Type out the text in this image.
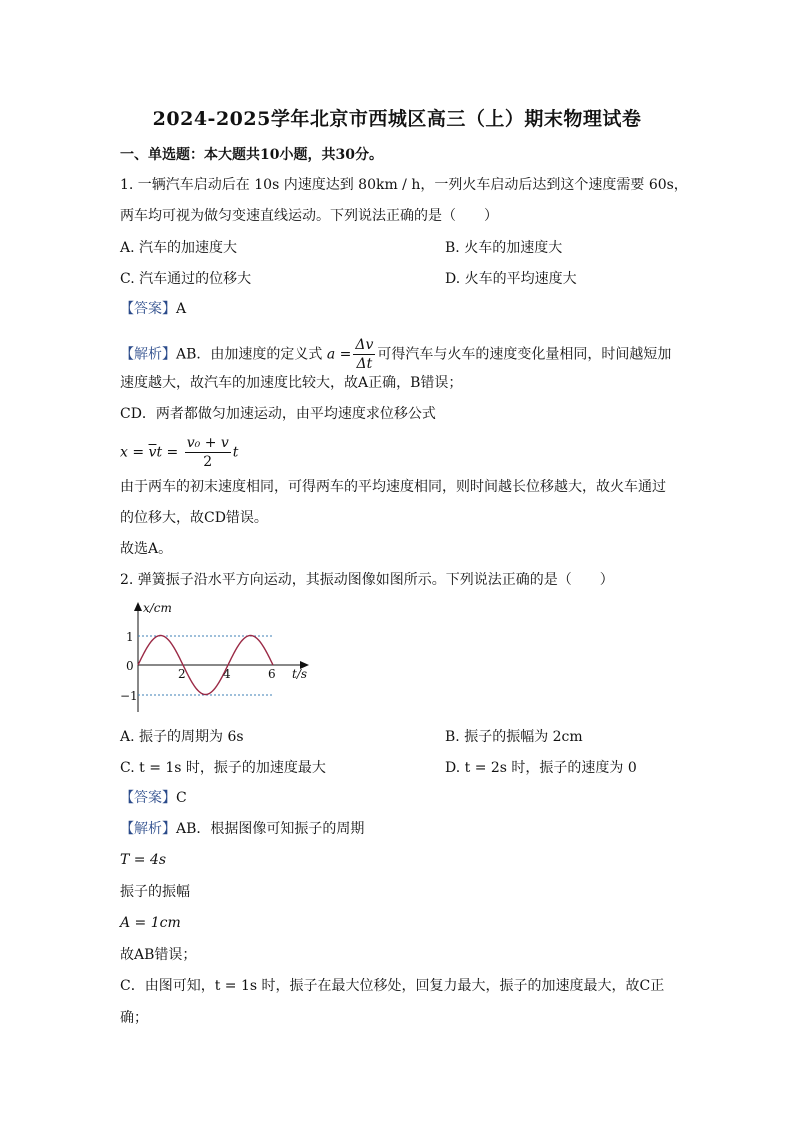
2024-2025学年北京市西城区高三（上）期末物理试卷
一、单选题：本大题共10小题，共30分。
1. 一辆汽车启动后在 10s 内速度达到 80km / h，一列火车启动后达到这个速度需要 60s，
两车均可视为做匀变速直线运动。下列说法正确的是（　　）
A. 汽车的加速度大	B. 火车的加速度大
C. 汽车通过的位移大	D. 火车的平均速度大
【答案】A
【解析】AB．由加速度的定义式 $a = \frac{\Delta v}{\Delta t}$ 可得汽车与火车的速度变化量相同，时间越短加
速度越大，故汽车的加速度比较大，故A正确，B错误；
CD．两者都做匀加速运动，由平均速度求位移公式
$x = \overline{v}t = \frac{\text{v₀ + v}}{2}$ t
由于两车的初末速度相同，可得两车的平均速度相同，则时间越长位移越大，故火车通过
的位移大，故CD错误。
故选A。
2. 弹簧振子沿水平方向运动，其振动图像如图所示。下列说法正确的是（　　）
x/cm
1
0
−1
2	4	6 t/s
A. 振子的周期为 6s	B. 振子的振幅为 2cm
C. t = 1s 时，振子的加速度最大	D. t = 2s 时，振子的速度为 0
【答案】C
【解析】AB．根据图像可知振子的周期
T = 4s
振子的振幅
A = 1cm
故AB错误；
C．由图可知，t = 1s 时，振子在最大位移处，回复力最大，振子的加速度最大，故C正
确；
